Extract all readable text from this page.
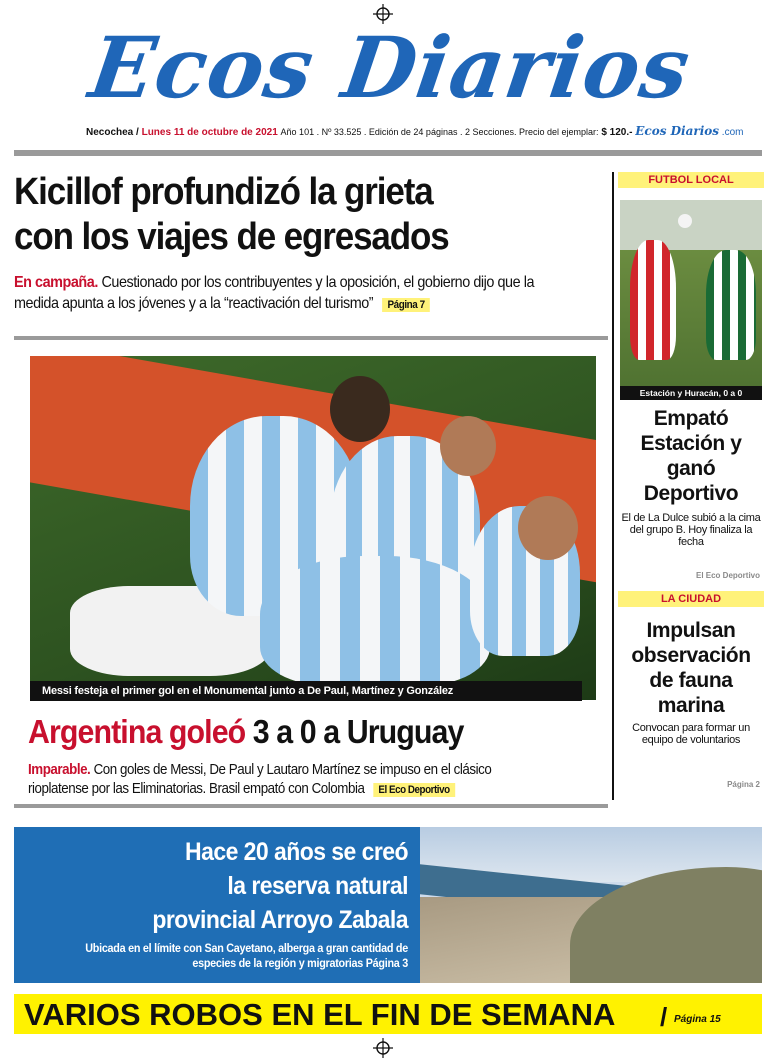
Ecos Diarios
Necochea / Lunes 11 de octubre de 2021 Año 101 . Nº 33.525 . Edición de 24 páginas . 2 Secciones. Precio del ejemplar: $ 120.- Ecos Diarios .com
Kicillof profundizó la grieta
con los viajes de egresados
En campaña. Cuestionado por los contribuyentes y la oposición, el gobierno dijo que la medida apunta a los jóvenes y a la “reactivación del turismo” Página 7
Messi festeja el primer gol en el Monumental junto a De Paul, Martínez y González
Argentina goleó 3 a 0 a Uruguay
Imparable. Con goles de Messi, De Paul y Lautaro Martínez se impuso en el clásico rioplatense por las Eliminatorias. Brasil empató con Colombia El Eco Deportivo
FUTBOL LOCAL
Estación y Huracán, 0 a 0
Empató Estación y ganó Deportivo
El de La Dulce subió a la cima del grupo B. Hoy finaliza la fecha
El Eco Deportivo
LA CIUDAD
Impulsan observación de fauna marina
Convocan para formar un equipo de voluntarios
Página 2
Hace 20 años se creó
la reserva natural
provincial Arroyo Zabala
Ubicada en el límite con San Cayetano, alberga a gran cantidad de especies de la región y migratorias Página 3
VARIOS ROBOS EN EL FIN DE SEMANA / Página 15
